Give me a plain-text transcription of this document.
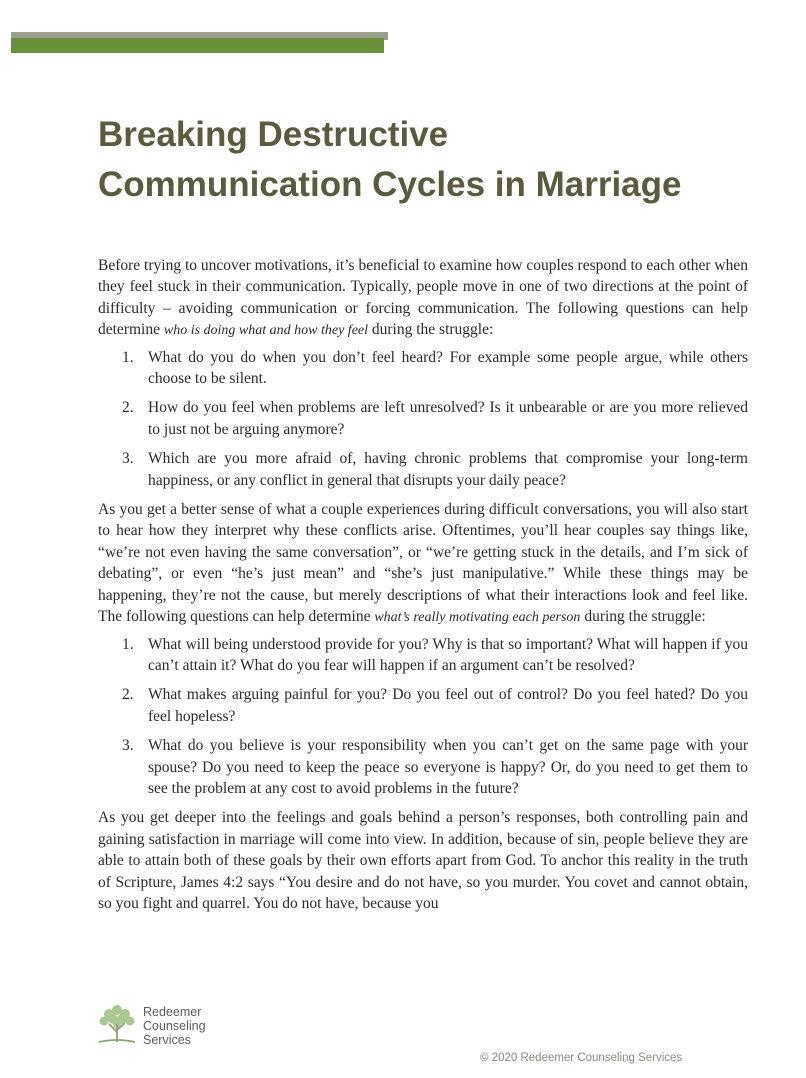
Breaking Destructive
Communication Cycles in Marriage

Before trying to uncover motivations, it’s beneficial to examine how couples respond to each other when they feel stuck in their communication. Typically, people move in one of two directions at the point of difficulty – avoiding communication or forcing communication. The following questions can help determine who is doing what and how they feel during the struggle:

1. What do you do when you don’t feel heard? For example some people argue, while others choose to be silent.
2. How do you feel when problems are left unresolved? Is it unbearable or are you more relieved to just not be arguing anymore?
3. Which are you more afraid of, having chronic problems that compromise your long-term happiness, or any conflict in general that disrupts your daily peace?

As you get a better sense of what a couple experiences during difficult conversations, you will also start to hear how they interpret why these conflicts arise. Oftentimes, you’ll hear couples say things like, “we’re not even having the same conversation”, or “we’re getting stuck in the details, and I’m sick of debating”, or even “he’s just mean” and “she’s just manipulative.” While these things may be happening, they’re not the cause, but merely descriptions of what their interactions look and feel like. The following questions can help determine what’s really motivating each person during the struggle:

1. What will being understood provide for you? Why is that so important? What will happen if you can’t attain it? What do you fear will happen if an argument can’t be resolved?
2. What makes arguing painful for you? Do you feel out of control? Do you feel hated? Do you feel hopeless?
3. What do you believe is your responsibility when you can’t get on the same page with your spouse? Do you need to keep the peace so everyone is happy? Or, do you need to get them to see the problem at any cost to avoid problems in the future?

As you get deeper into the feelings and goals behind a person’s responses, both controlling pain and gaining satisfaction in marriage will come into view. In addition, because of sin, people believe they are able to attain both of these goals by their own efforts apart from God. To anchor this reality in the truth of Scripture, James 4:2 says “You desire and do not have, so you murder. You covet and cannot obtain, so you fight and quarrel. You do not have, because you

Redeemer
Counseling
Services
© 2020 Redeemer Counseling Services
